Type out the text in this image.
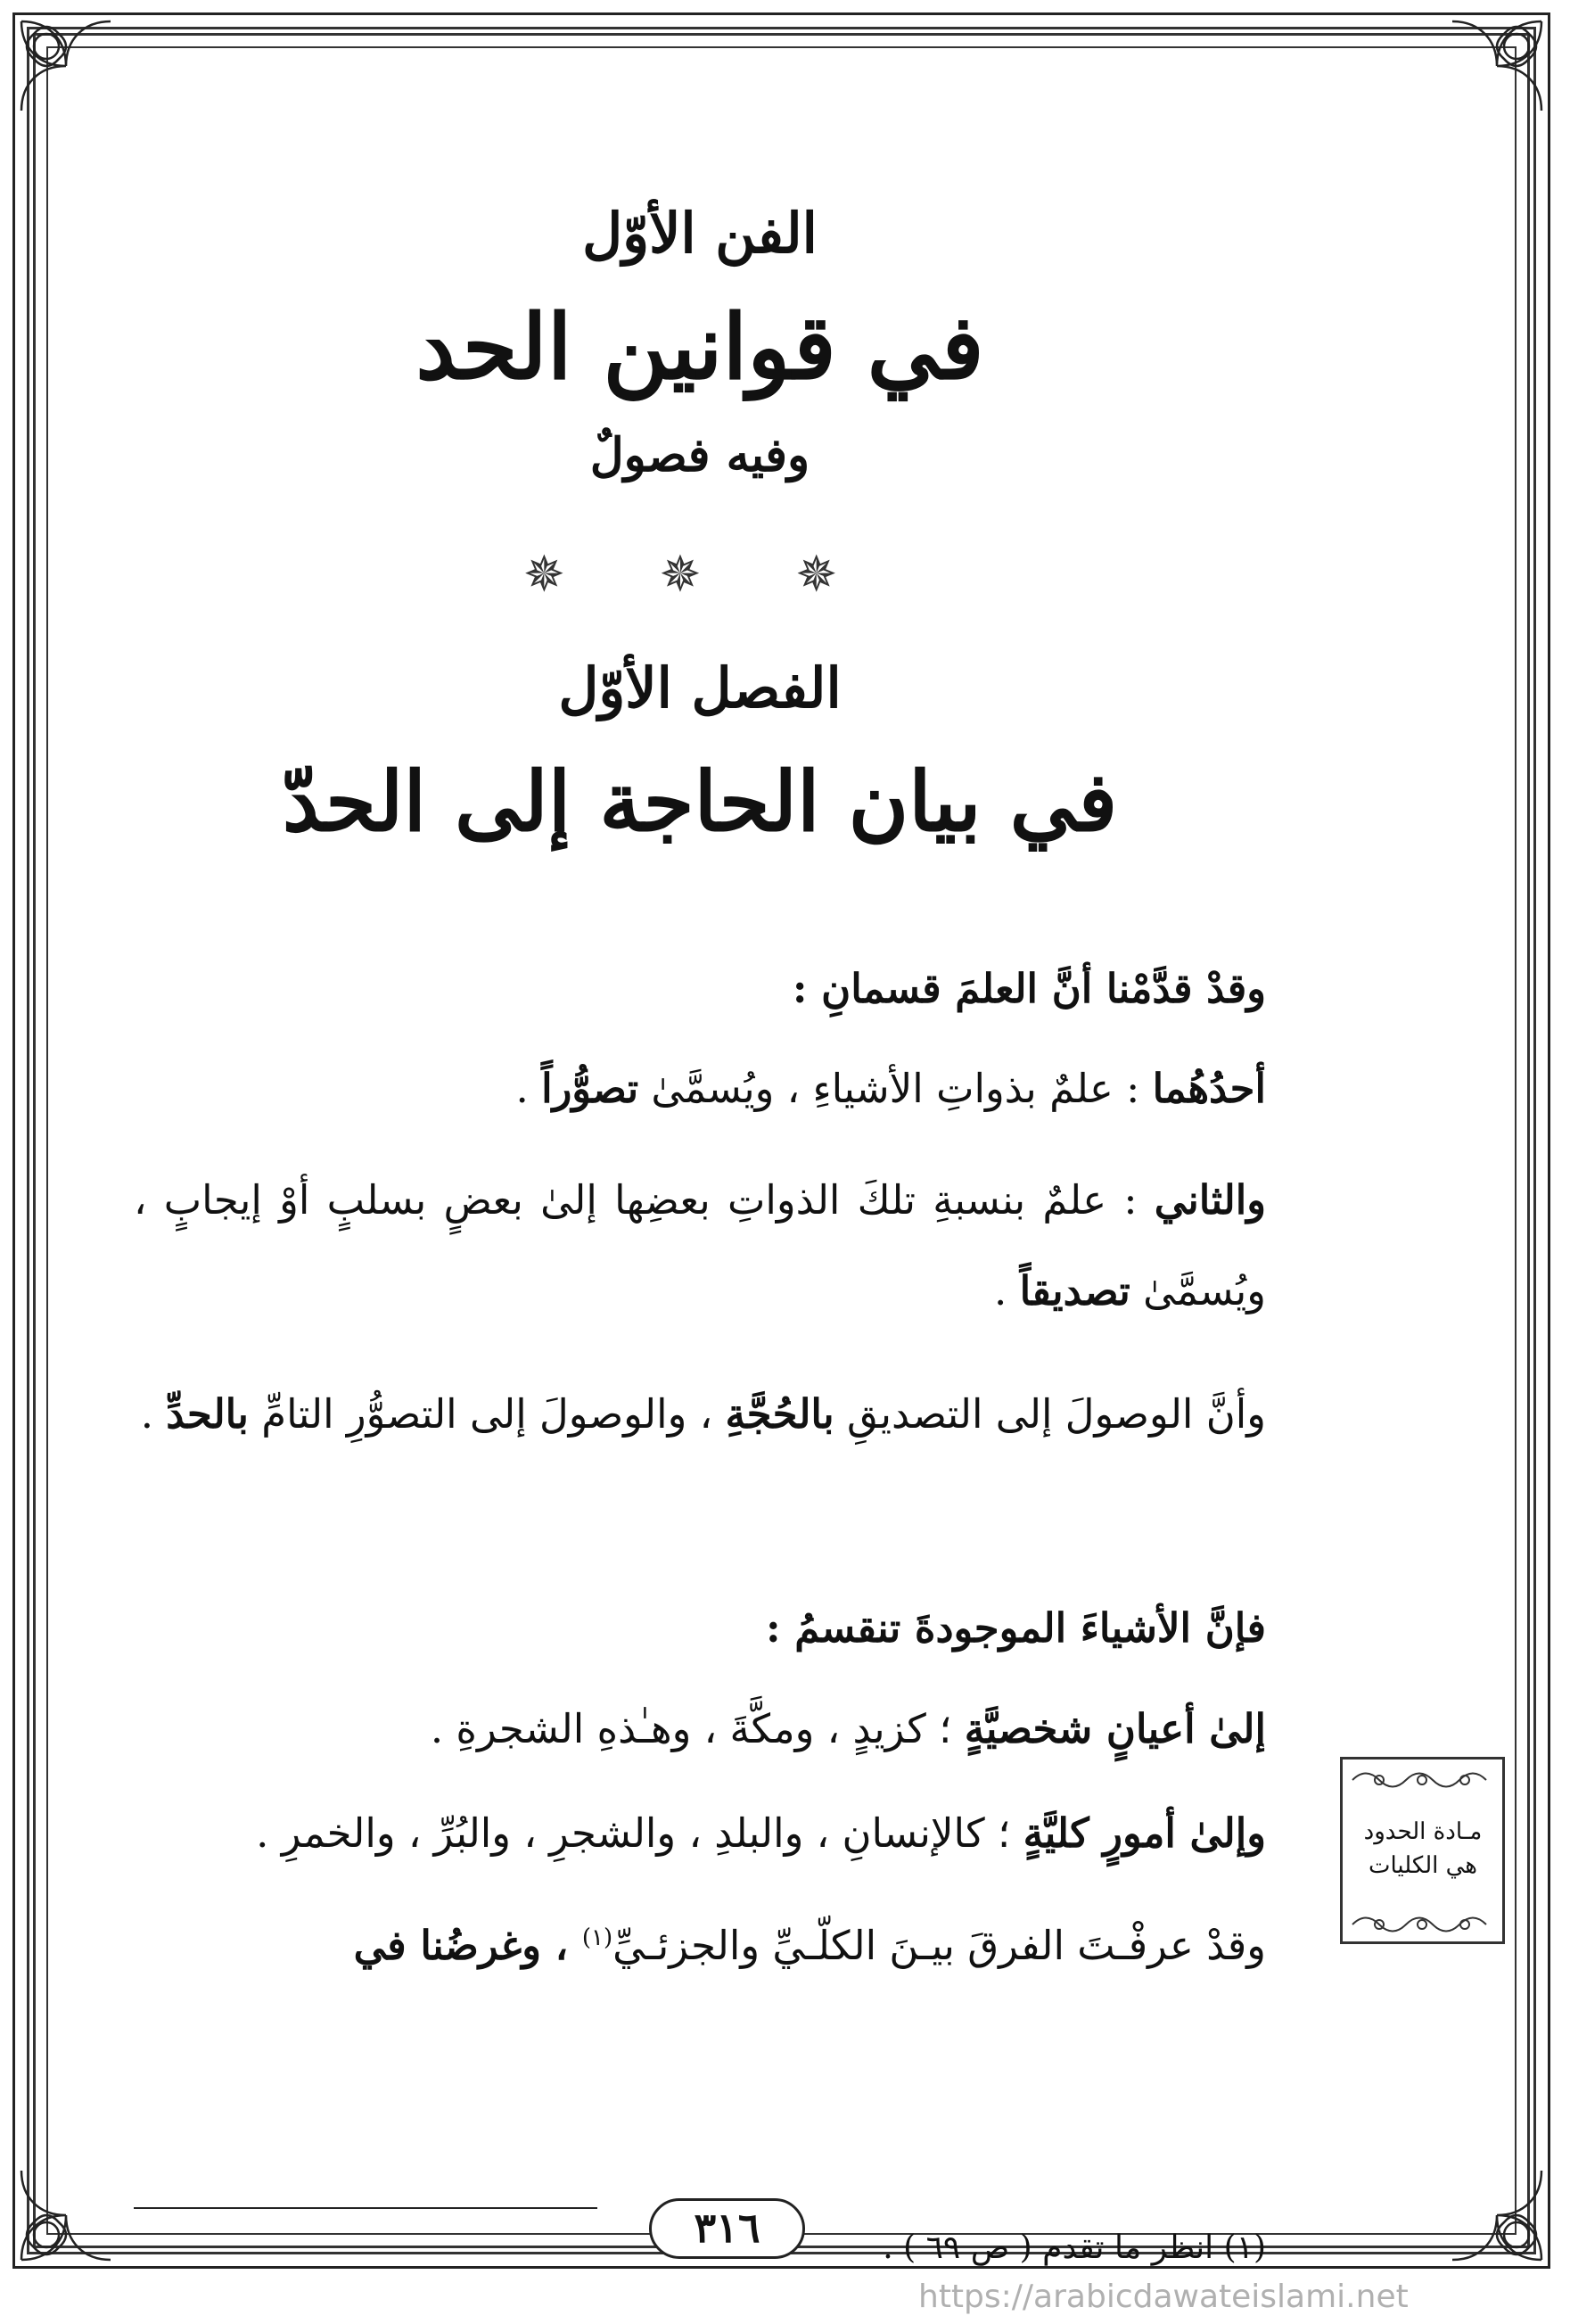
الفن الأوّل
في قوانين الحد
وفيه فصولٌ
✵ ✵ ✵
الفصل الأوّل
في بيان الحاجة إلى الحدّ
وقدْ قدَّمْنا أنَّ العلمَ قسمانِ :
أحدُهُما : علمٌ بذواتِ الأشياءِ ، ويُسمَّىٰ تصوُّراً .
والثاني : علمٌ بنسبةِ تلكَ الذواتِ بعضِها إلىٰ بعضٍ بسلبٍ أوْ إيجابٍ ، ويُسمَّىٰ تصديقاً .
وأنَّ الوصولَ إلى التصديقِ بالحُجَّةِ ، والوصولَ إلى التصوُّرِ التامِّ بالحدِّ .
فإنَّ الأشياءَ الموجودةَ تنقسمُ :
إلىٰ أعيانٍ شخصيَّةٍ ؛ كزيدٍ ، ومكَّةَ ، وهـٰذهِ الشجرةِ .
وإلىٰ أمورٍ كليَّةٍ ؛ كالإنسانِ ، والبلدِ ، والشجرِ ، والبُرِّ ، والخمرِ .
وقدْ عرفْـتَ الفرقَ بيـنَ الكلّـيِّ والجزئـيِّ$^{(١)}$ ، وغرضُنا في
(١) انظر ما تقدم ( ص ٦٩ ) .
مـادة الحدود هي الكليات
٣١٦
https://arabicdawateislami.net
